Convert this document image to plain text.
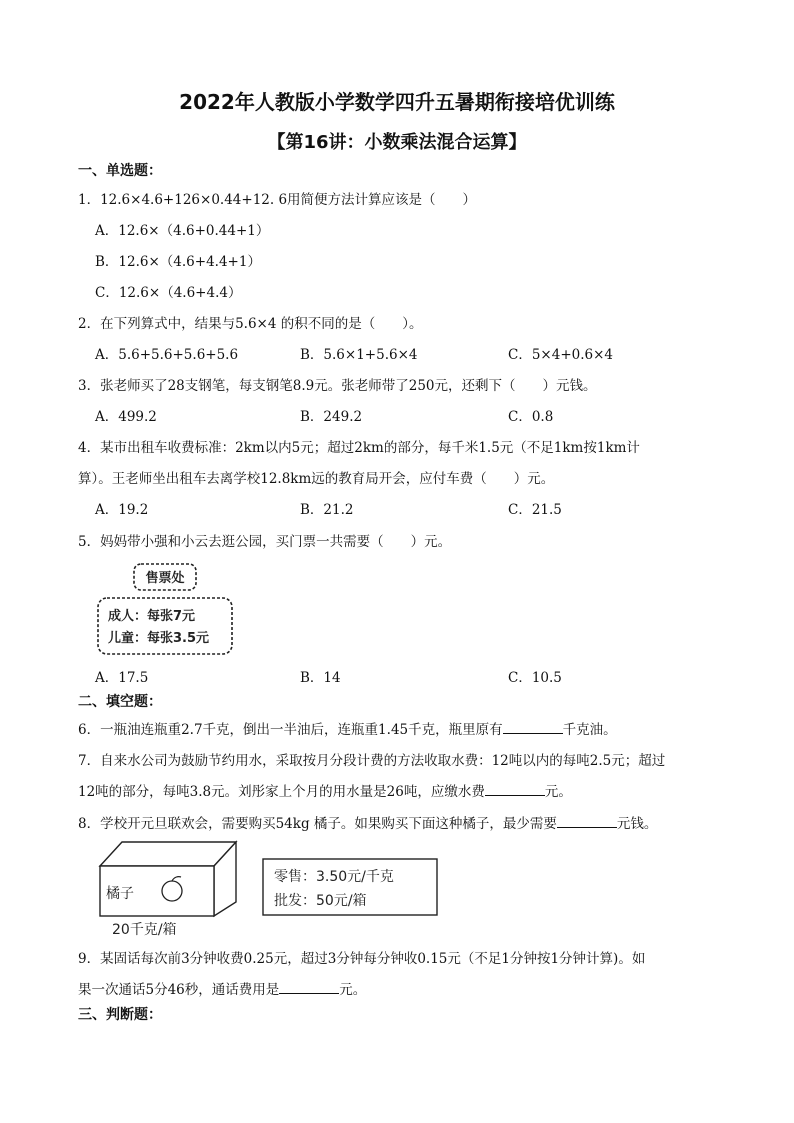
2022年人教版小学数学四升五暑期衔接培优训练
【第16讲：小数乘法混合运算】
一、单选题：
1．12.6×4.6+126×0.44+12. 6用简便方法计算应该是（　　）
A．12.6×（4.6+0.44+1）
B．12.6×（4.6+4.4+1）
C．12.6×（4.6+4.4）
2．在下列算式中，结果与5.6×4 的积不同的是（　　）。
A．5.6+5.6+5.6+5.6	B．5.6×1+5.6×4	C．5×4+0.6×4
3．张老师买了28支钢笔，每支钢笔8.9元。张老师带了250元，还剩下（　　）元钱。
A．499.2	B．249.2	C．0.8
4．某市出租车收费标准：2km以内5元；超过2km的部分，每千米1.5元（不足1km按1km计
算）。王老师坐出租车去离学校12.8km远的教育局开会，应付车费（　　）元。
A．19.2	B．21.2	C．21.5
5．妈妈带小强和小云去逛公园，买门票一共需要（　　）元。
售票处
成人：每张7元
儿童：每张3.5元
A．17.5	B．14	C．10.5
二、填空题：
6．一瓶油连瓶重2.7千克，倒出一半油后，连瓶重1.45千克，瓶里原有	千克油。
7．自来水公司为鼓励节约用水，采取按月分段计费的方法收取水费：12吨以内的每吨2.5元；超过
12吨的部分，每吨3.8元。刘彤家上个月的用水量是26吨，应缴水费	元。
8．学校开元旦联欢会，需要购买54kg 橘子。如果购买下面这种橘子，最少需要	元钱。
橘子
20千克/箱
零售：3.50元/千克
批发：50元/箱
9．某固话每次前3分钟收费0.25元，超过3分钟每分钟收0.15元（不足1分钟按1分钟计算)。如
果一次通话5分46秒，通话费用是	元。
三、判断题：
